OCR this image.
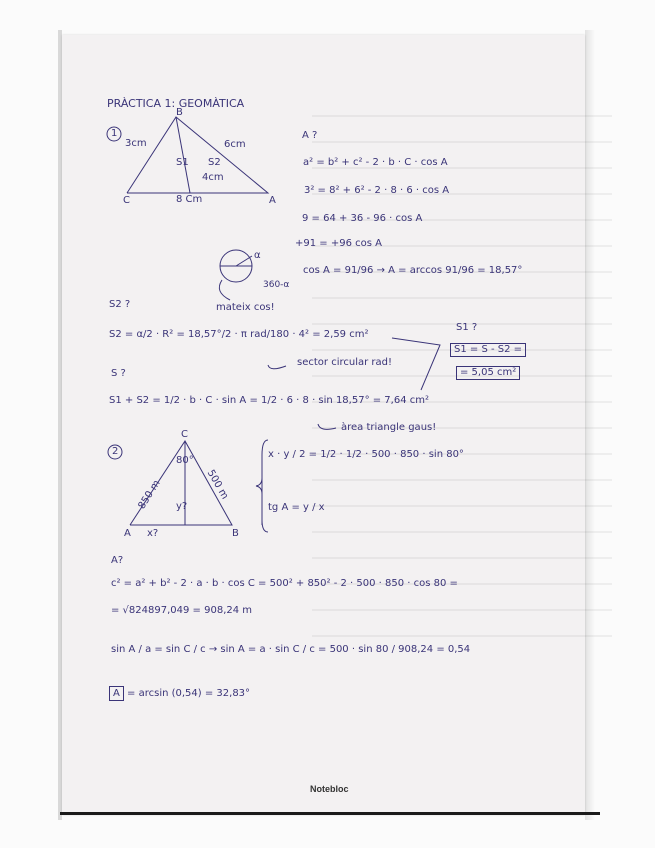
PRÀCTICA 1: GEOMÀTICA
1
B
C	A
S1 S2
6cm
3cm
4cm
8 Cm
A ?
a² = b² + c² - 2 · b · C · cos A
3² = 8² + 6² - 2 · 8 · 6 · cos A
9 = 64 + 36 - 96 · cos A
+91 = +96 cos A
cos A = 91/96 → A = arccos 91/96 = 18,57°
α
360-α
mateix cos!
S2 ?
S2 = α/2 · R² = 18,57°/2 · π rad/180 · 4² = 2,59 cm²
sector circular rad!
S1 ?
S1 = S - S2 =
= 5,05 cm²
S ?
S1 + S2 = 1/2 · b · C · sin A = 1/2 · 6 · 8 · sin 18,57° = 7,64 cm²
àrea triangle gaus!
2
C
A	B
80°
850 m	500 m
x?
y?
x · y / 2 = 1/2 · 1/2 · 500 · 850 · sin 80°
tg A = y / x
A?
c² = a² + b² - 2 · a · b · cos C = 500² + 850² - 2 · 500 · 850 · cos 80 =
= √824897,049 = 908,24 m
sin A / a = sin C / c → sin A = a · sin C / c = 500 · sin 80 / 908,24 = 0,54
A = arcsin (0,54) = 32,83°
Notebloc
